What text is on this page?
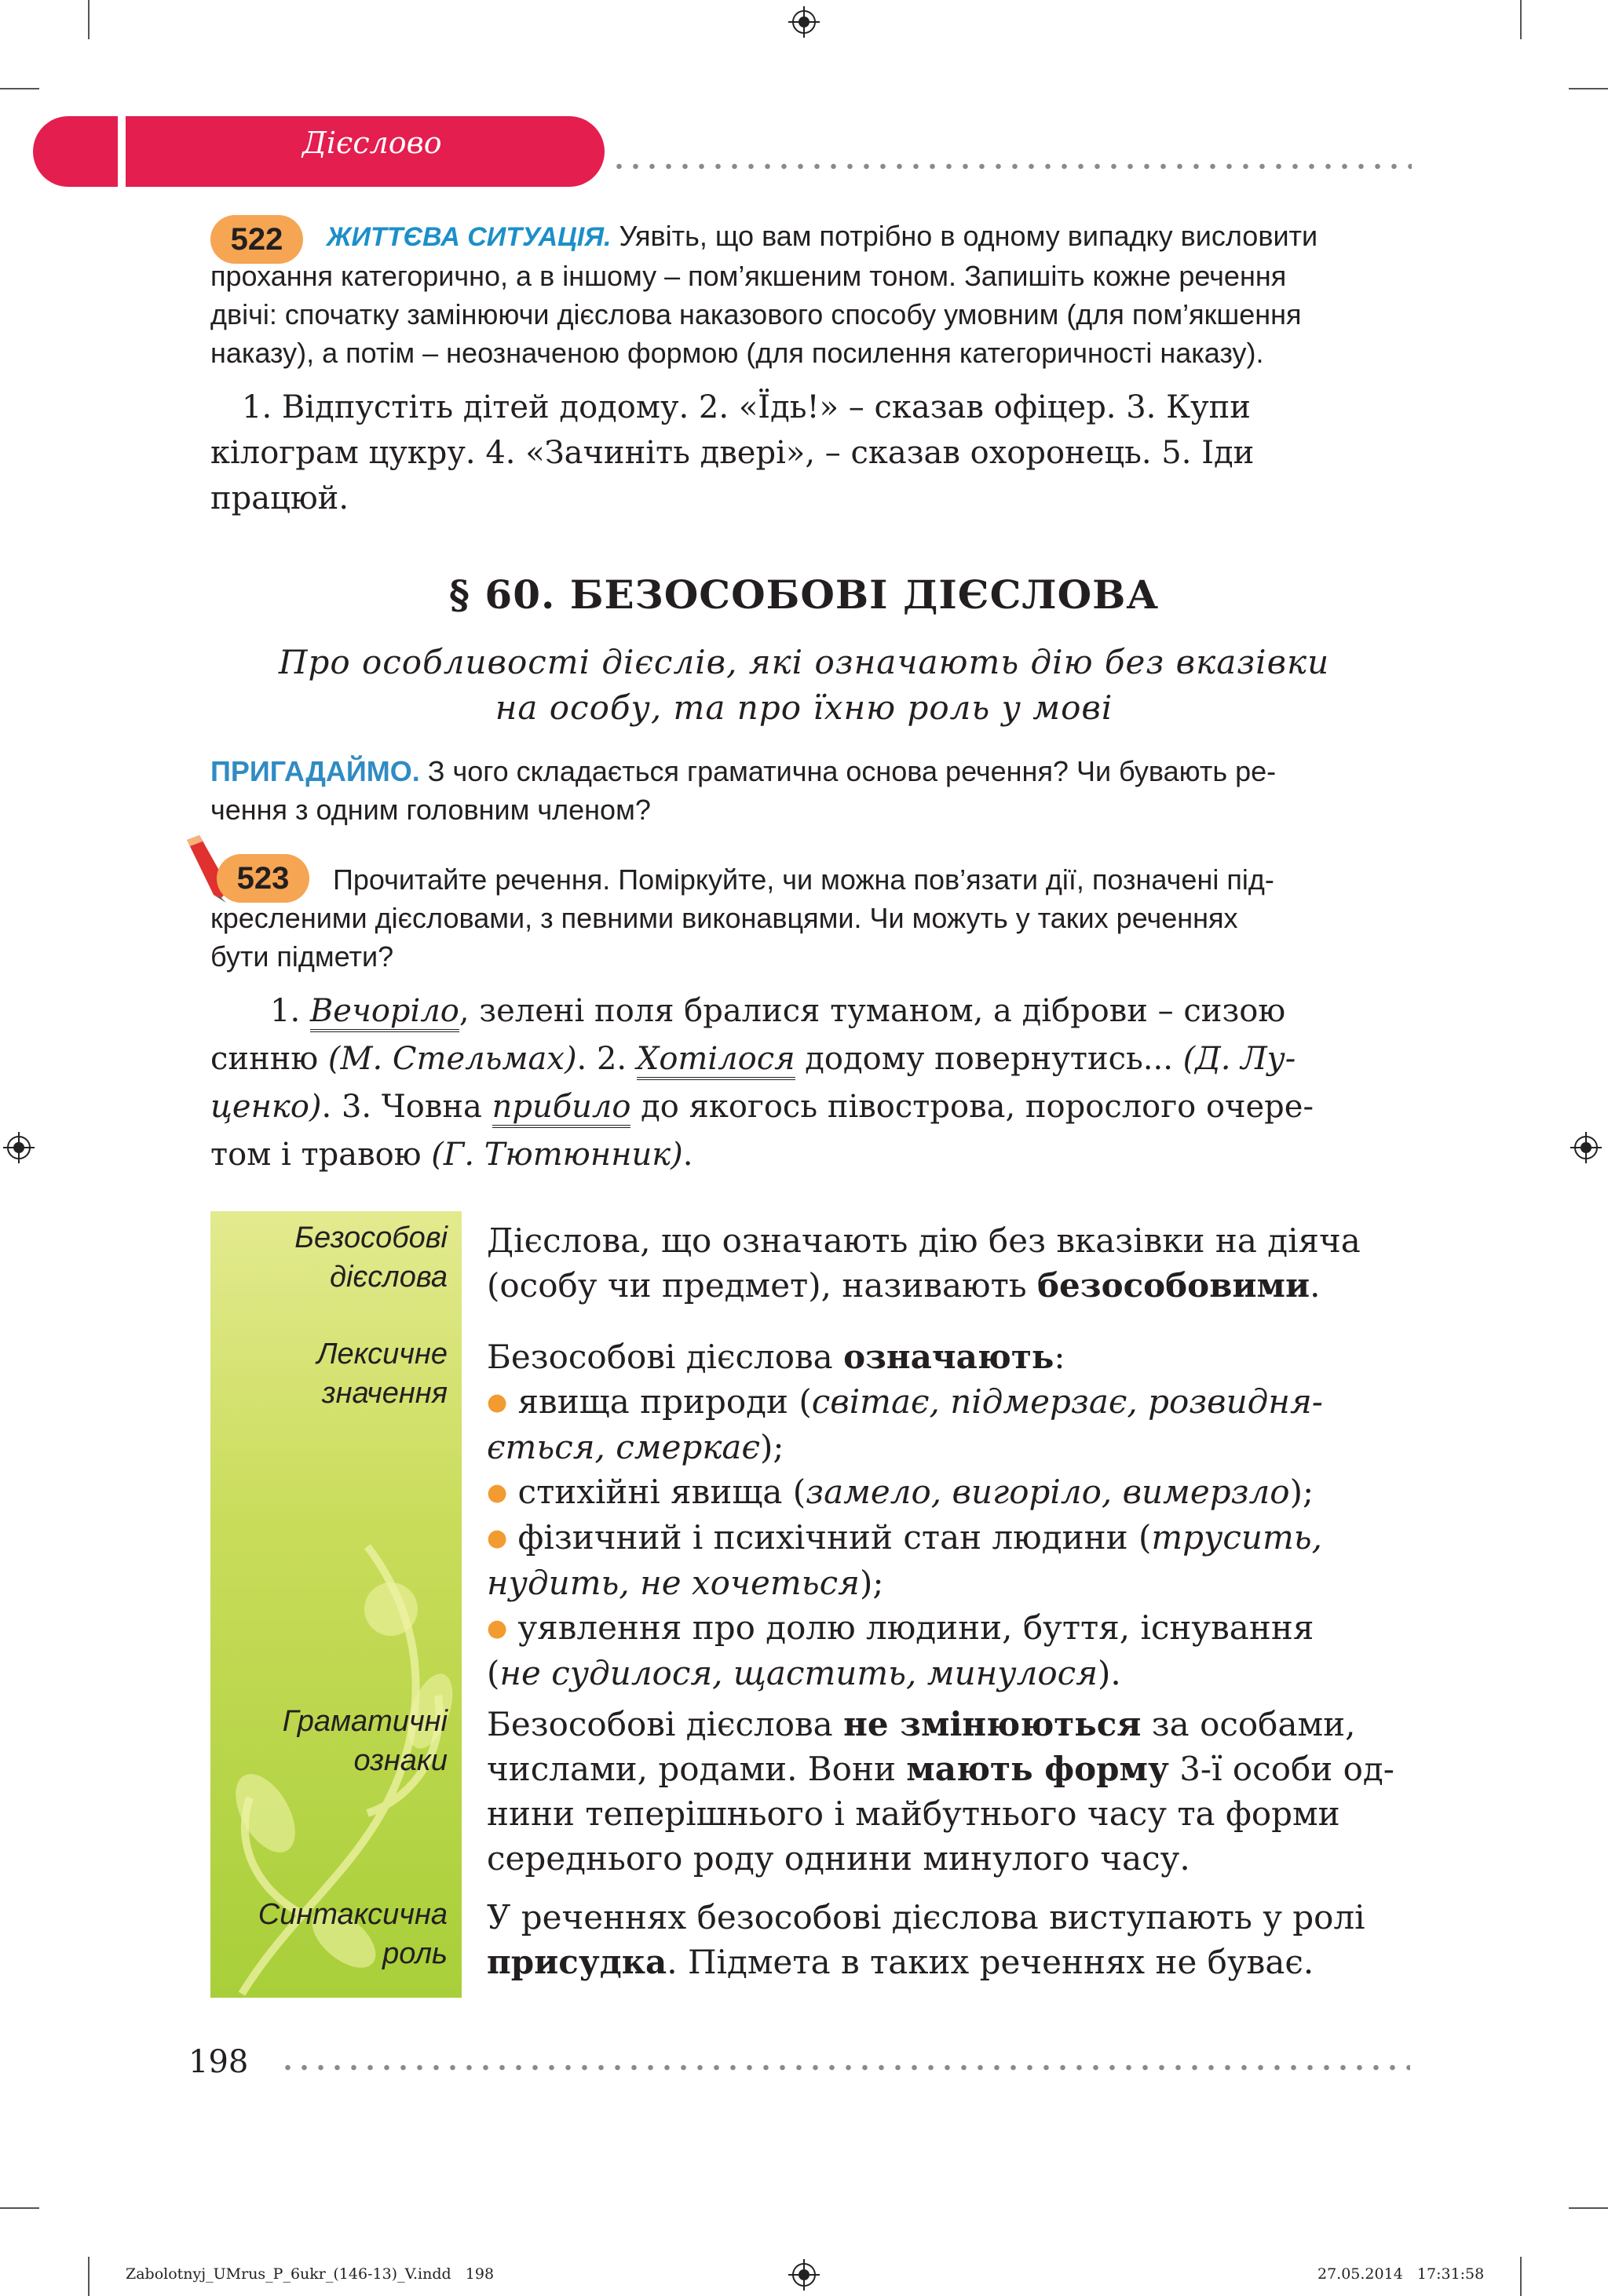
Дієслово
522	ЖИТТЄВА СИТУАЦІЯ. Уявіть, що вам потрібно в одному випадку висловити
прохання категорично, а в іншому – пом’якшеним тоном. Запишіть кожне речення
двічі: спочатку замінюючи дієслова наказового способу умовним (для пом’якшення
наказу), а потім – неозначеною формою (для посилення категоричності наказу).
1. Відпустіть дітей додому. 2. «Їдь!» – сказав офіцер. 3. Купи
кілограм цукру. 4. «Зачиніть двері», – сказав охоронець. 5. Іди
працюй.
§ 60. БЕЗОСОБОВІ ДІЄСЛОВА
Про особливості дієслів, які означають дію без вказівки
на особу, та про їхню роль у мові
ПРИГАДАЙМО. З чого складається граматична основа речення? Чи бувають ре-
чення з одним головним членом?
523	Прочитайте речення. Поміркуйте, чи можна пов’язати дії, позначені під-
кресленими дієсловами, з певними виконавцями. Чи можуть у таких реченнях
бути підмети?
1. Вечоріло, зелені поля бралися туманом, а діброви – сизою
синню (М. Стельмах). 2. Хотілося додому повернутись... (Д. Лу-
ценко). 3. Човна прибило до якогось півострова, порослого очере-
том і травою (Г. Тютюнник).
Безособові
дієслова
Лексичне
значення
Граматичні
ознаки
Синтаксична
роль
Дієслова, що означають дію без вказівки на діяча
(особу чи предмет), називають безособовими.
Безособові дієслова означають:
● явища природи (світає, підмерзає, розвидня-
ється, смеркає);
● стихійні явища (замело, вигоріло, вимерзло);
● фізичний і психічний стан людини (трусить,
нудить, не хочеться);
● уявлення про долю людини, буття, існування
(не судилося, щастить, минулося).
Безособові дієслова не змінюються за особами,
числами, родами. Вони мають форму 3-ї особи од-
нини теперішнього і майбутнього часу та форми
середнього роду однини минулого часу.
У реченнях безособові дієслова виступають у ролі
присудка. Підмета в таких реченнях не буває.
198
Zabolotnyj_UMrus_P_6ukr_(146-13)_V.indd   198	27.05.2014   17:31:58
